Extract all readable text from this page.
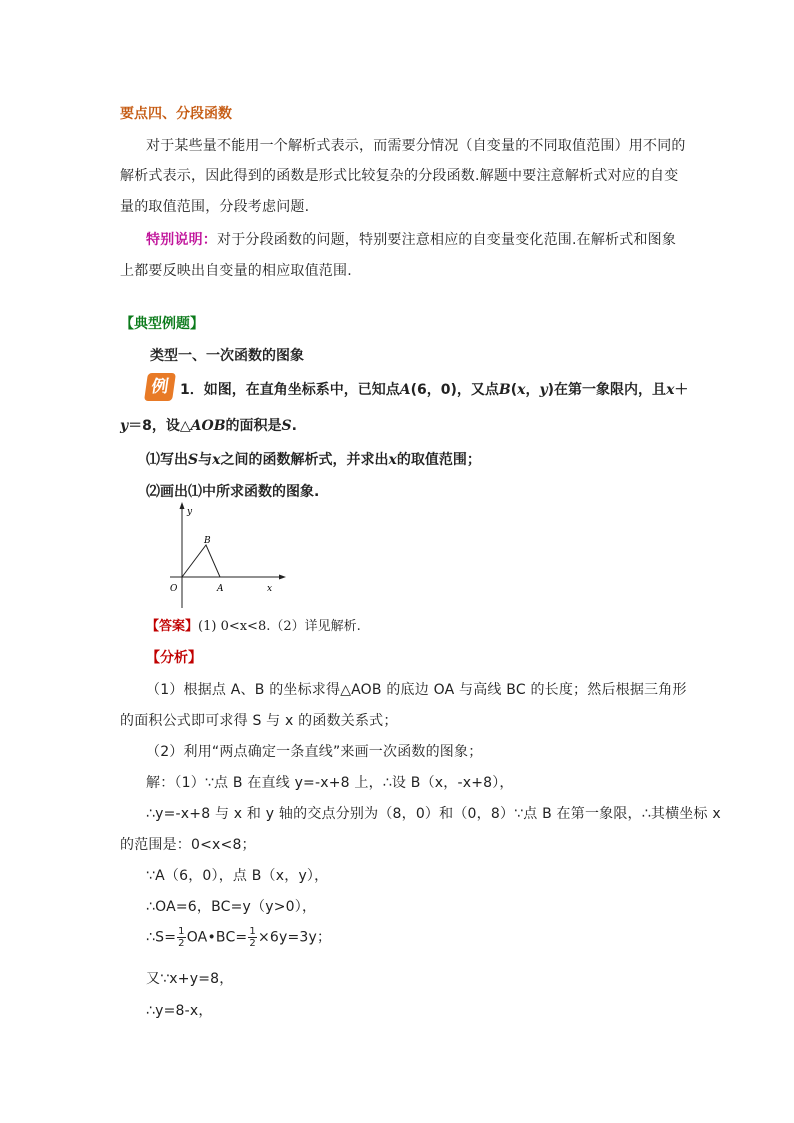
要点四、分段函数
对于某些量不能用一个解析式表示，而需要分情况（自变量的不同取值范围）用不同的
解析式表示，因此得到的函数是形式比较复杂的分段函数.解题中要注意解析式对应的自变
量的取值范围，分段考虑问题.
特别说明：对于分段函数的问题，特别要注意相应的自变量变化范围.在解析式和图象
上都要反映出自变量的相应取值范围.
【典型例题】
类型一、一次函数的图象
例 1．如图，在直角坐标系中，已知点A(6，0)，又点B(x，y)在第一象限内，且x＋
y＝8，设△AOB的面积是S.
⑴写出S与x之间的函数解析式，并求出x的取值范围；
⑵画出⑴中所求函数的图象.
y
B
O	A	x
【答案】(1) 0<x<8.（2）详见解析.
【分析】
（1）根据点 A、B 的坐标求得△AOB 的底边 OA 与高线 BC 的长度；然后根据三角形
的面积公式即可求得 S 与 x 的函数关系式；
（2）利用“两点确定一条直线”来画一次函数的图象；
解：（1）∵点 B 在直线 y=-x+8 上，∴设 B（x，-x+8），
∴y=-x+8 与 x 和 y 轴的交点分别为（8，0）和（0，8）∵点 B 在第一象限，∴其横坐标 x
的范围是：0<x<8；
∵A（6，0），点 B（x，y），
∴OA=6，BC=y（y>0），
∴S= $\frac{1}{2}$ OA•BC= $\frac{1}{2} \times 6y=3y$；
又∵x+y=8，
∴y=8-x，
